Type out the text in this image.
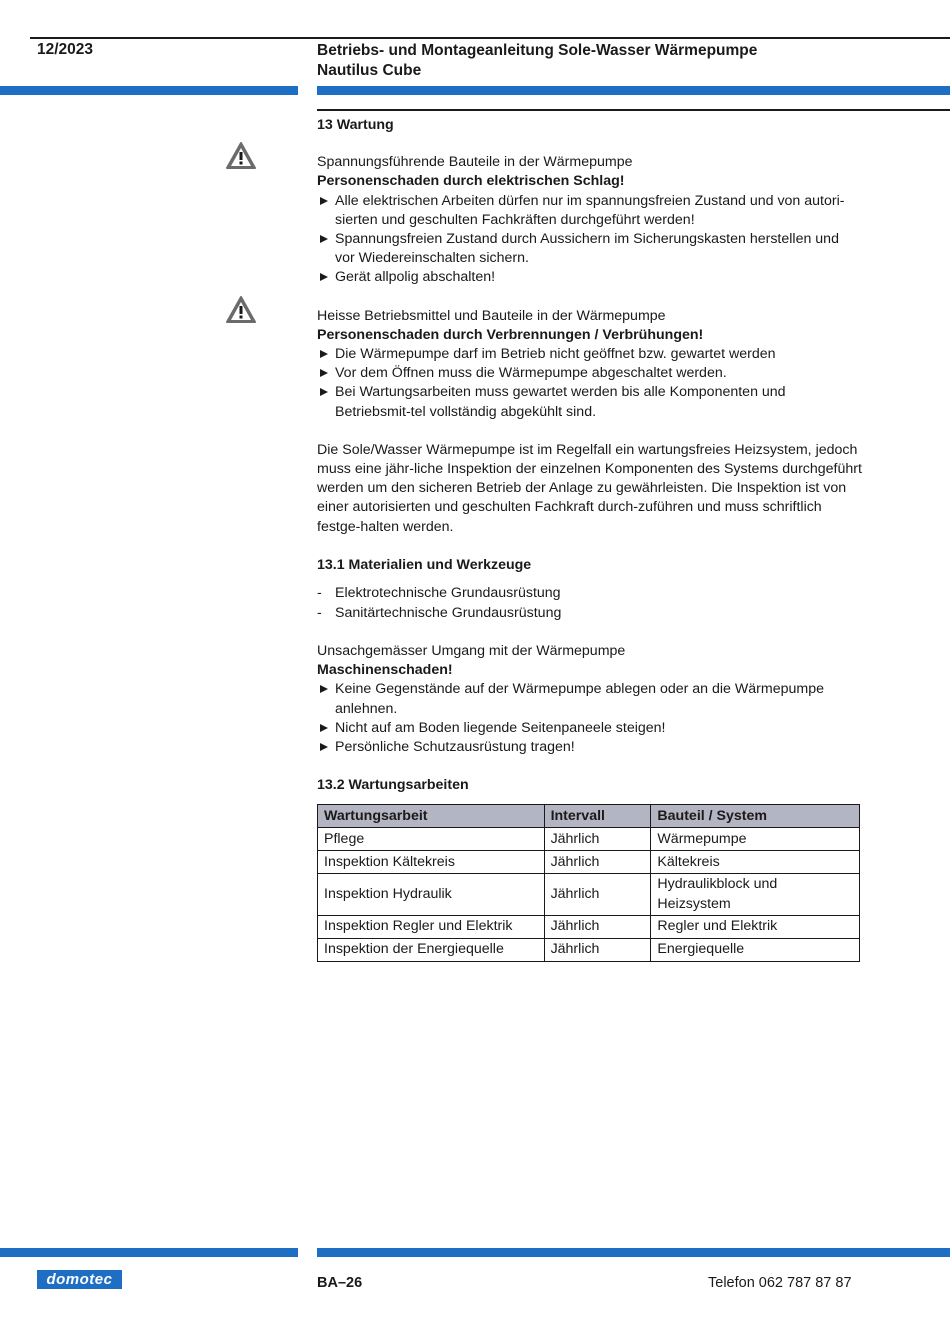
12/2023	Betriebs- und Montageanleitung Sole-Wasser Wärmepumpe
Nautilus Cube
13 Wartung

Spannungsführende Bauteile in der Wärmepumpe

Personenschaden durch elektrischen Schlag!

Alle elektrischen Arbeiten dürfen nur im spannungsfreien Zustand und von autori-sierten und geschulten Fachkräften durchgeführt werden!
Spannungsfreien Zustand durch Aussichern im Sicherungskasten herstellen und vor Wiedereinschalten sichern.
Gerät allpolig abschalten!

Heisse Betriebsmittel und Bauteile in der Wärmepumpe

Personenschaden durch Verbrennungen / Verbrühungen!

Die Wärmepumpe darf im Betrieb nicht geöffnet bzw. gewartet werden
Vor dem Öffnen muss die Wärmepumpe abgeschaltet werden.
Bei Wartungsarbeiten muss gewartet werden bis alle Komponenten und Betriebsmit-tel vollständig abgekühlt sind.

Die Sole/Wasser Wärmepumpe ist im Regelfall ein wartungsfreies Heizsystem, jedoch muss eine jähr-liche Inspektion der einzelnen Komponenten des Systems durchgeführt werden um den sicheren Betrieb der Anlage zu gewährleisten. Die Inspektion ist von einer autorisierten und geschulten Fachkraft durch-zuführen und muss schriftlich festge-halten werden.

13.1 Materialien und Werkzeuge
- Elektrotechnische Grundausrüstung
- Sanitärtechnische Grundausrüstung

Unsachgemässer Umgang mit der Wärmepumpe

Maschinenschaden!

Keine Gegenstände auf der Wärmepumpe ablegen oder an die Wärmepumpe anlehnen.
Nicht auf am Boden liegende Seitenpaneele steigen!
Persönliche Schutzausrüstung tragen!
13.2 Wartungsarbeiten
Wartungsarbeit	Intervall	Bauteil / System
Pflege	Jährlich	Wärmepumpe
Inspektion Kältekreis	Jährlich	Kältekreis
Inspektion Hydraulik	Jährlich	Hydraulikblock und Heizsystem
Inspektion Regler und Elektrik	Jährlich	Regler und Elektrik
Inspektion der Energiequelle	Jährlich	Energiequelle
domotec	BA–26	Telefon 062 787 87 87
